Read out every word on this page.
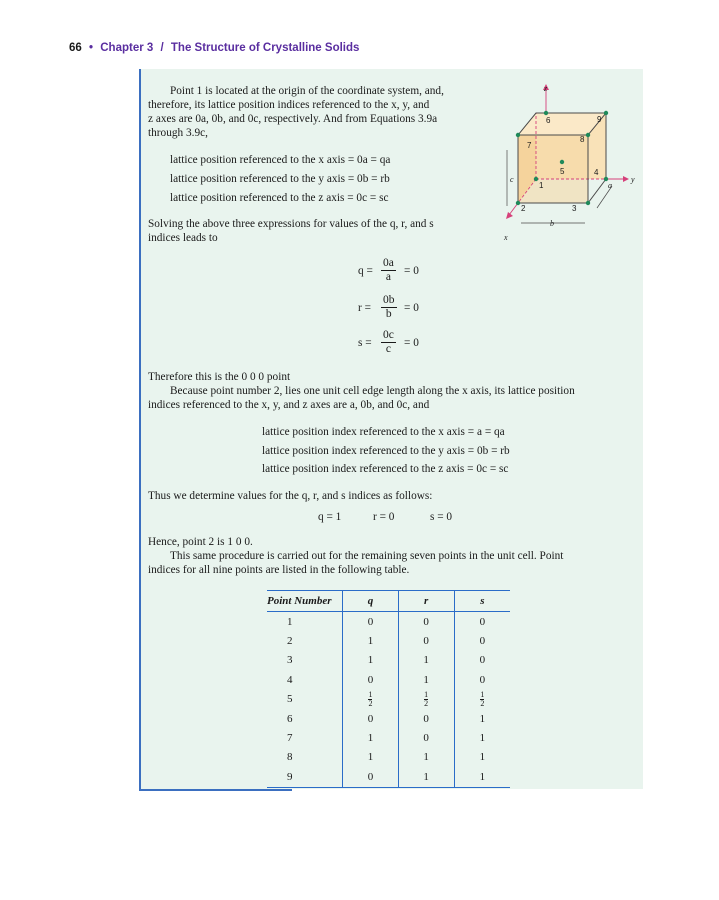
66 • Chapter 3 / The Structure of Crystalline Solids
Point 1 is located at the origin of the coordinate system, and,
therefore, its lattice position indices referenced to the x, y, and
z axes are 0a, 0b, and 0c, respectively. And from Equations 3.9a
through 3.9c,
lattice position referenced to the x axis = 0a = qa
lattice position referenced to the y axis = 0b = rb
lattice position referenced to the z axis = 0c = sc
Solving the above three expressions for values of the q, r, and s
indices leads to
$q = \frac{0a}{a} = 0$
$r = \frac{0b}{b} = 0$
$s = \frac{0c}{c} = 0$
Therefore this is the 0 0 0 point
Because point number 2, lies one unit cell edge length along the x axis, its lattice position
indices referenced to the x, y, and z axes are a, 0b, and 0c, and
lattice position index referenced to the x axis = a = qa
lattice position index referenced to the y axis = 0b = rb
lattice position index referenced to the z axis = 0c = sc
Thus we determine values for the q, r, and s indices as follows:
q = 1	r = 0	s = 0
Hence, point 2 is 1 0 0.
This same procedure is carried out for the remaining seven points in the unit cell. Point
indices for all nine points are listed in the following table.
Point Number	q	r	s
1	0	0	0
2	1	0	0
3	1	1	0
4	0	1	0
5	$\frac{1}{2}$	$\frac{1}{2}$	$\frac{1}{2}$

6	0	0	1
7	1	0	1
8	1	1	1
9	0	1	1
1
2	3
4
5
6
7
8
9
z
y
x
a
b
c
